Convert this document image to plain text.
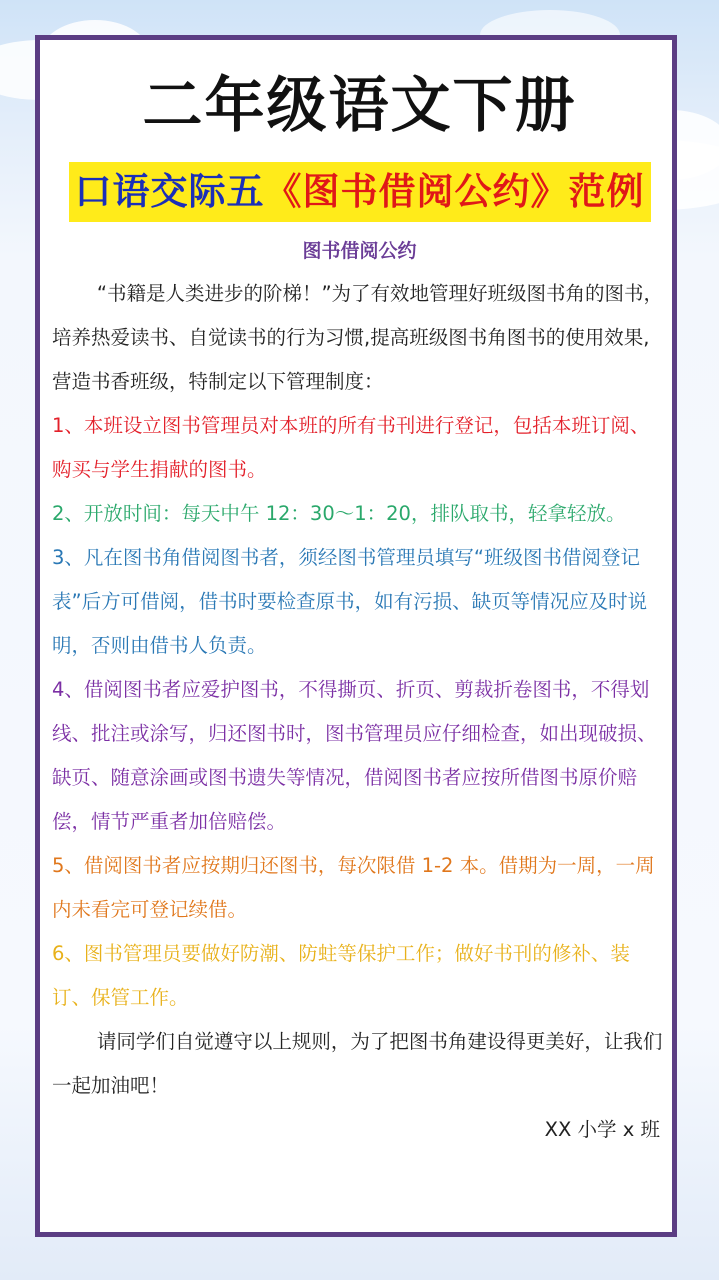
二年级语文下册
口语交际五《图书借阅公约》范例
图书借阅公约

“书籍是人类进步的阶梯！”为了有效地管理好班级图书角的图书，培养热爱读书、自觉读书的行为习惯,提高班级图书角图书的使用效果,营造书香班级，特制定以下管理制度：

1、本班设立图书管理员对本班的所有书刊进行登记，包括本班订阅、购买与学生捐献的图书。

2、开放时间：每天中午 12：30～1：20，排队取书，轻拿轻放。

3、凡在图书角借阅图书者，须经图书管理员填写“班级图书借阅登记表”后方可借阅，借书时要检查原书，如有污损、缺页等情况应及时说明，否则由借书人负责。

4、借阅图书者应爱护图书，不得撕页、折页、剪裁折卷图书，不得划线、批注或涂写，归还图书时，图书管理员应仔细检查，如出现破损、缺页、随意涂画或图书遗失等情况，借阅图书者应按所借图书原价赔偿，情节严重者加倍赔偿。

5、借阅图书者应按期归还图书，每次限借 1-2 本。借期为一周，一周内未看完可登记续借。

6、图书管理员要做好防潮、防蛀等保护工作；做好书刊的修补、装订、保管工作。

请同学们自觉遵守以上规则，为了把图书角建设得更美好，让我们一起加油吧！

XX 小学 x 班
